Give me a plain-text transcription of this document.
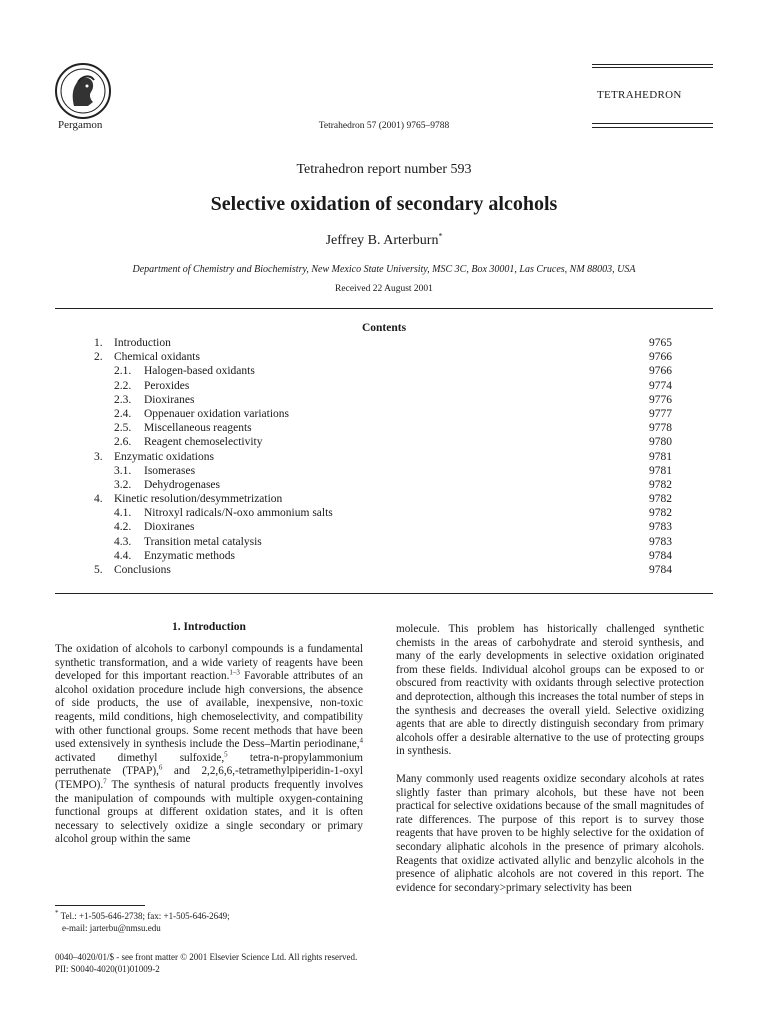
Pergamon	Tetrahedron 57 (2001) 9765–9788
TETRAHEDRON
Tetrahedron report number 593
Selective oxidation of secondary alcohols
Jeffrey B. Arterburn*
Department of Chemistry and Biochemistry, New Mexico State University, MSC 3C, Box 30001, Las Cruces, NM 88003, USA
Received 22 August 2001
Contents
1. Introduction	9765
2. Chemical oxidants	9766
2.1. Halogen-based oxidants	9766
2.2. Peroxides	9774
2.3. Dioxiranes	9776
2.4. Oppenauer oxidation variations	9777
2.5. Miscellaneous reagents	9778
2.6. Reagent chemoselectivity	9780
3. Enzymatic oxidations	9781
3.1. Isomerases	9781
3.2. Dehydrogenases	9782
4. Kinetic resolution/desymmetrization	9782
4.1. Nitroxyl radicals/N-oxo ammonium salts	9782
4.2. Dioxiranes	9783
4.3. Transition metal catalysis	9783
4.4. Enzymatic methods	9784
5. Conclusions	9784
1. Introduction

The oxidation of alcohols to carbonyl compounds is a fundamental synthetic transformation, and a wide variety of reagents have been developed for this important reaction.$^{1-3}$ Favorable attributes of an alcohol oxidation procedure include high conversions, the absence of side products, the use of available, inexpensive, non-toxic reagents, mild conditions, high chemoselectivity, and compatibility with other functional groups. Some recent methods that have been used extensively in synthesis include the Dess–Martin periodinane,$^4$ activated dimethyl sulfoxide,$^5$ tetra-n-propylammonium perruthenate (TPAP),$^6$ and 2,2,6,6,-tetramethylpiperidin-1-oxyl (TEMPO).$^7$ The synthesis of natural products frequently involves the manipulation of compounds with multiple oxygen-containing functional groups at different oxidation states, and it is often necessary to selectively oxidize a single secondary or primary alcohol group within the same

molecule. This problem has historically challenged synthetic chemists in the areas of carbohydrate and steroid synthesis, and many of the early developments in selective oxidation originated from these fields. Individual alcohol groups can be exposed to or obscured from reactivity with oxidants through selective protection and deprotection, although this increases the total number of steps in the synthesis and decreases the overall yield. Selective oxidizing agents that are able to directly distinguish secondary from primary alcohols offer a desirable alternative to the use of protecting groups in synthesis.

Many commonly used reagents oxidize secondary alcohols at rates slightly faster than primary alcohols, but these have not been practical for selective oxidations because of the small magnitudes of rate differences. The purpose of this report is to survey those reagents that have proven to be highly selective for the oxidation of secondary aliphatic alcohols in the presence of primary alcohols. Reagents that oxidize activated allylic and benzylic alcohols in the presence of aliphatic alcohols are not covered in this report. The evidence for secondary>primary selectivity has been

* Tel.: +1-505-646-2738; fax: +1-505-646-2649;
e-mail: jarterbu@nmsu.edu
0040–4020/01/$ - see front matter © 2001 Elsevier Science Ltd. All rights reserved.
PII: S0040-4020(01)01009-2
